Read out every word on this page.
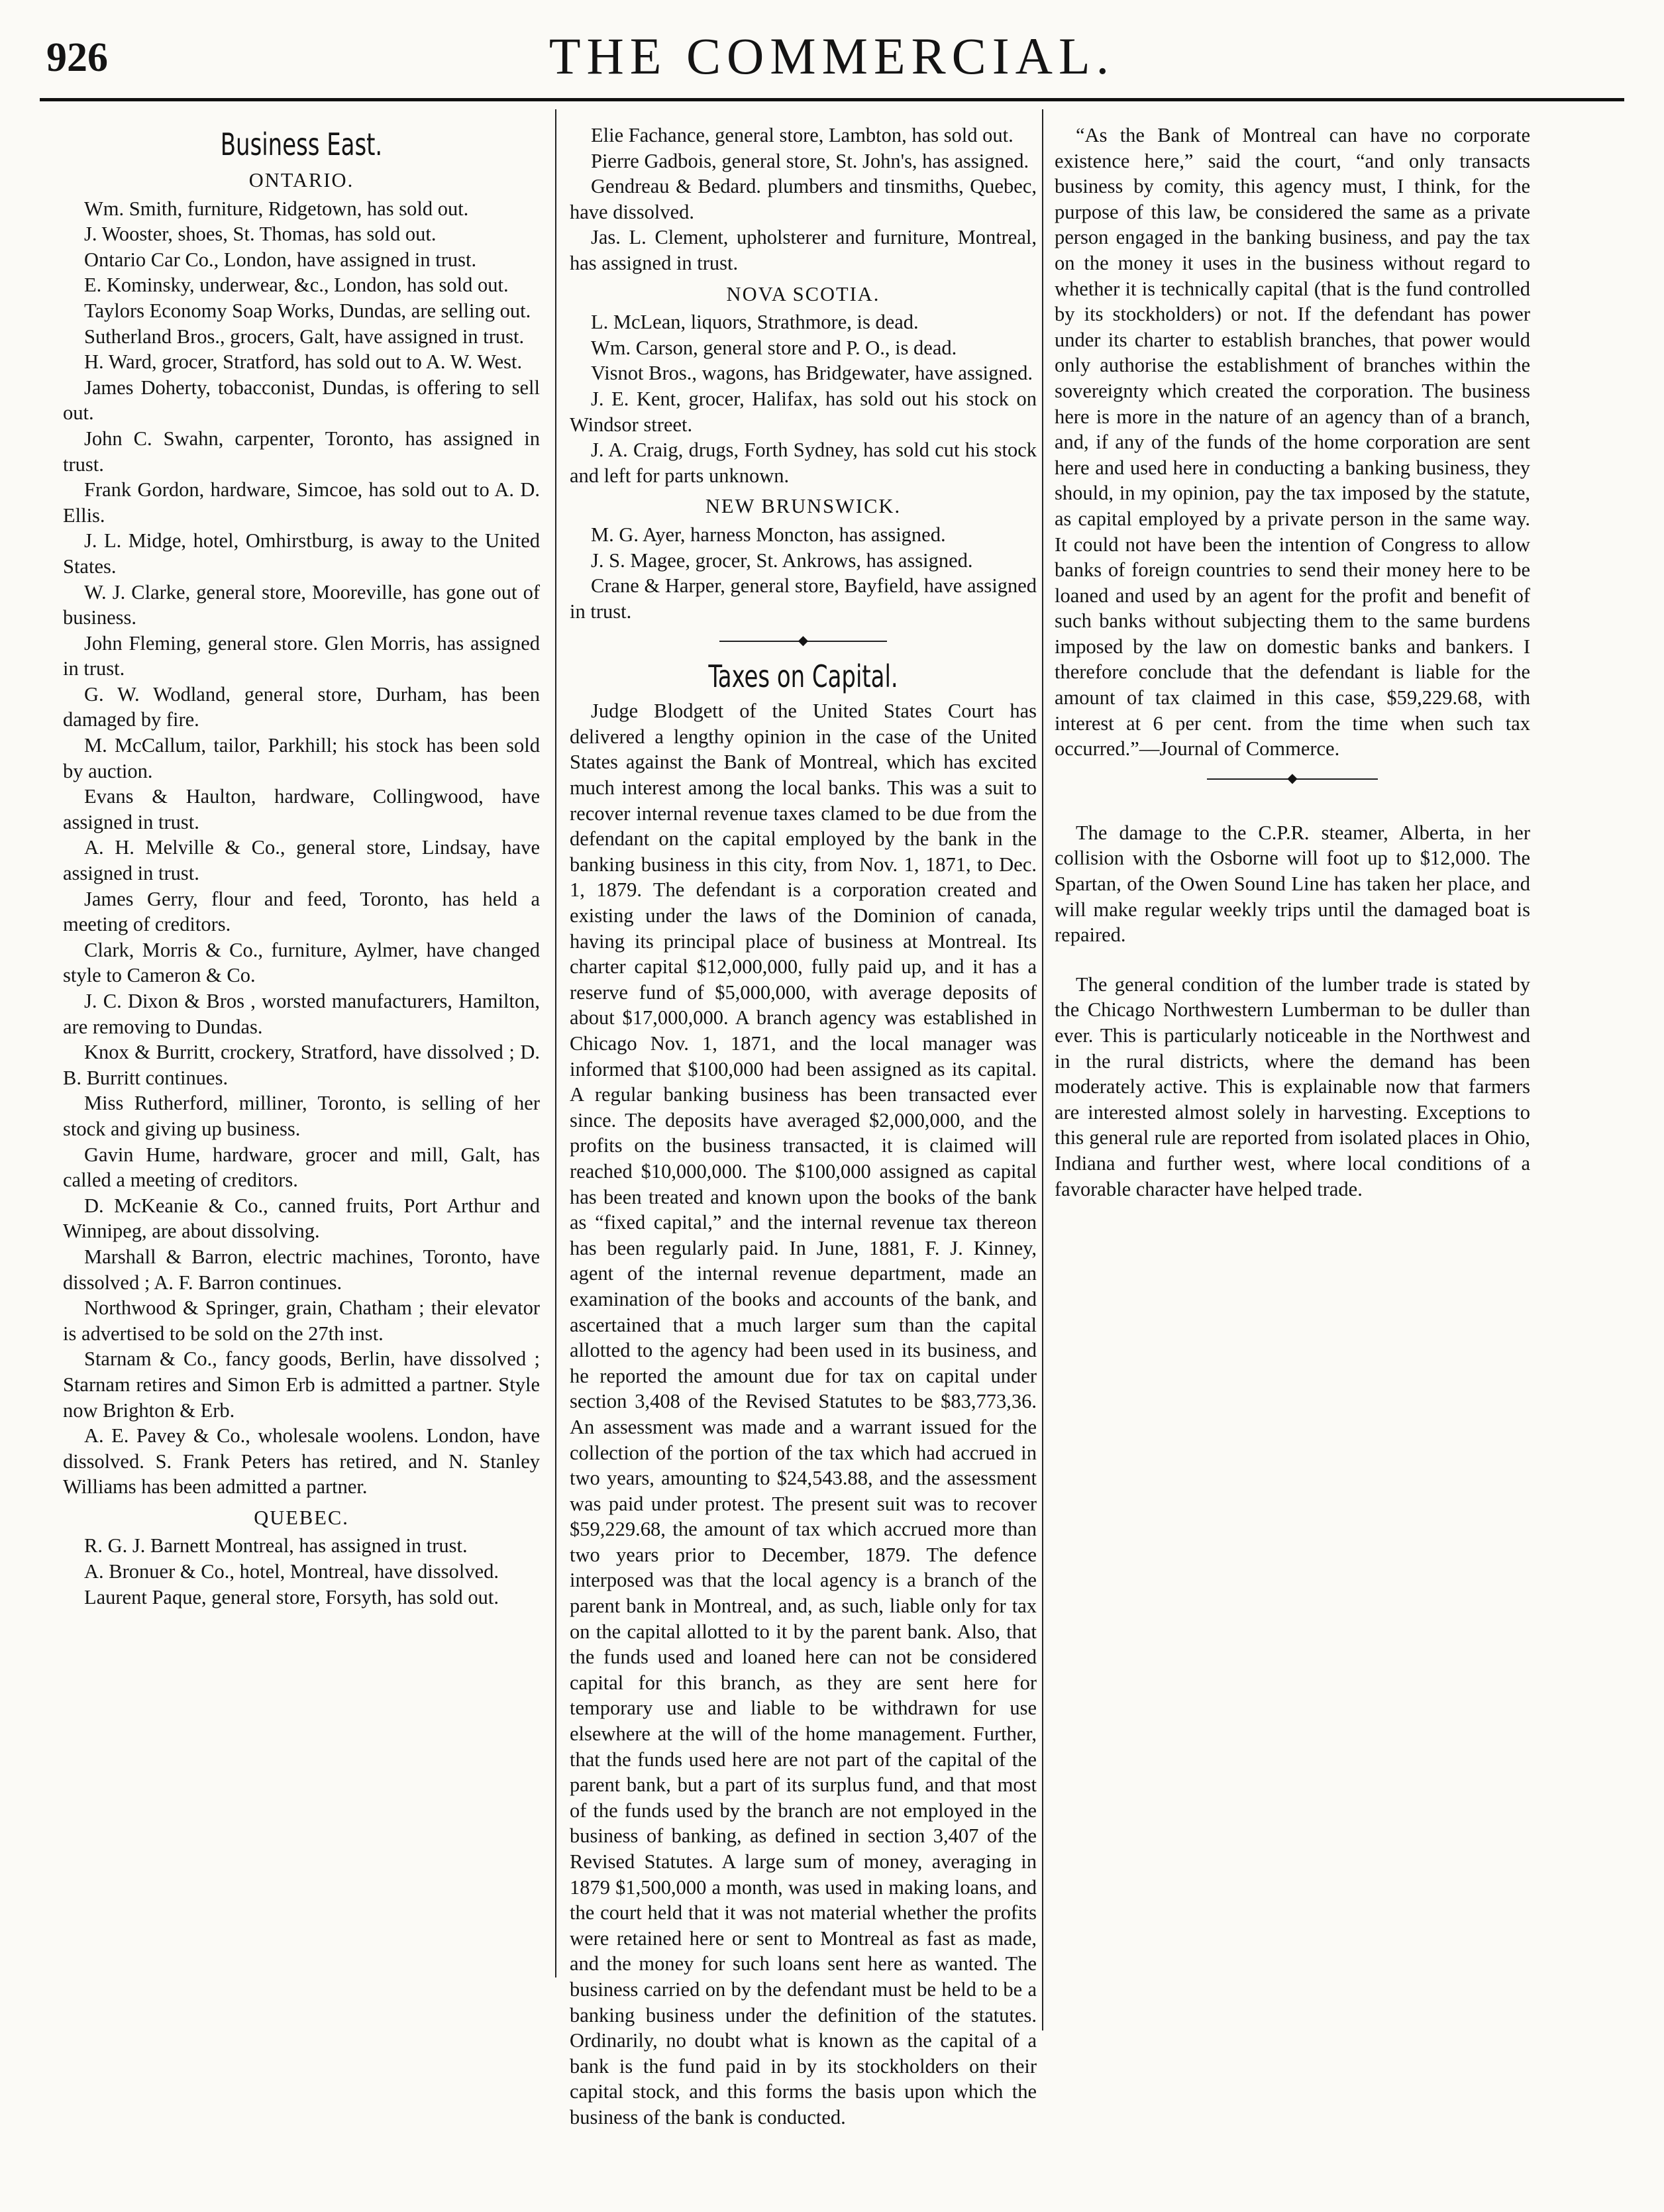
926	THE COMMERCIAL.
Business East.
ONTARIO.

Wm. Smith, furniture, Ridgetown, has sold out.

J. Wooster, shoes, St. Thomas, has sold out.

Ontario Car Co., London, have assigned in trust.

E. Kominsky, underwear, &c., London, has sold out.

Taylors Economy Soap Works, Dundas, are selling out.

Sutherland Bros., grocers, Galt, have assigned in trust.

H. Ward, grocer, Stratford, has sold out to A. W. West.

James Doherty, tobacconist, Dundas, is offering to sell out.

John C. Swahn, carpenter, Toronto, has assigned in trust.

Frank Gordon, hardware, Simcoe, has sold out to A. D. Ellis.

J. L. Midge, hotel, Omhirstburg, is away to the United States.

W. J. Clarke, general store, Mooreville, has gone out of business.

John Fleming, general store. Glen Morris, has assigned in trust.

G. W. Wodland, general store, Durham, has been damaged by fire.

M. McCallum, tailor, Parkhill; his stock has been sold by auction.

Evans & Haulton, hardware, Collingwood, have assigned in trust.

A. H. Melville & Co., general store, Lindsay, have assigned in trust.

James Gerry, flour and feed, Toronto, has held a meeting of creditors.

Clark, Morris & Co., furniture, Aylmer, have changed style to Cameron & Co.

J. C. Dixon & Bros , worsted manufacturers, Hamilton, are removing to Dundas.

Knox & Burritt, crockery, Stratford, have dissolved ; D. B. Burritt continues.

Miss Rutherford, milliner, Toronto, is selling of her stock and giving up business.

Gavin Hume, hardware, grocer and mill, Galt, has called a meeting of creditors.

D. McKeanie & Co., canned fruits, Port Arthur and Winnipeg, are about dissolving.

Marshall & Barron, electric machines, Toronto, have dissolved ; A. F. Barron continues.

Northwood & Springer, grain, Chatham ; their elevator is advertised to be sold on the 27th inst.

Starnam & Co., fancy goods, Berlin, have dissolved ; Starnam retires and Simon Erb is admitted a partner. Style now Brighton & Erb.

A. E. Pavey & Co., wholesale woolens. London, have dissolved. S. Frank Peters has retired, and N. Stanley Williams has been admitted a partner.

QUEBEC.

R. G. J. Barnett Montreal, has assigned in trust.

A. Bronuer & Co., hotel, Montreal, have dissolved.

Laurent Paque, general store, Forsyth, has sold out.

Elie Fachance, general store, Lambton, has sold out.

Pierre Gadbois, general store, St. John's, has assigned.

Gendreau & Bedard. plumbers and tinsmiths, Quebec, have dissolved.

Jas. L. Clement, upholsterer and furniture, Montreal, has assigned in trust.

NOVA SCOTIA.

L. McLean, liquors, Strathmore, is dead.

Wm. Carson, general store and P. O., is dead.

Visnot Bros., wagons, has Bridgewater, have assigned.

J. E. Kent, grocer, Halifax, has sold out his stock on Windsor street.

J. A. Craig, drugs, Forth Sydney, has sold cut his stock and left for parts unknown.

NEW BRUNSWICK.

M. G. Ayer, harness Moncton, has assigned.

J. S. Magee, grocer, St. Ankrows, has assigned.

Crane & Harper, general store, Bayfield, have assigned in trust.

◆
Taxes on Capital.

Judge Blodgett of the United States Court has delivered a lengthy opinion in the case of the United States against the Bank of Montreal, which has excited much interest among the local banks. This was a suit to recover internal revenue taxes clamed to be due from the defendant on the capital employed by the bank in the banking business in this city, from Nov. 1, 1871, to Dec. 1, 1879. The defendant is a corporation created and existing under the laws of the Dominion of canada, having its principal place of business at Montreal. Its charter capital $12,000,000, fully paid up, and it has a reserve fund of $5,000,000, with average deposits of about $17,000,000. A branch agency was established in Chicago Nov. 1, 1871, and the local manager was informed that $100,000 had been assigned as its capital. A regular banking business has been transacted ever since. The deposits have averaged $2,000,000, and the profits on the business transacted, it is claimed will reached $10,000,000. The $100,000 assigned as capital has been treated and known upon the books of the bank as “fixed capital,” and the internal revenue tax thereon has been regularly paid. In June, 1881, F. J. Kinney, agent of the internal revenue department, made an examination of the books and accounts of the bank, and ascertained that a much larger sum than the capital allotted to the agency had been used in its business, and he reported the amount due for tax on capital under section 3,408 of the Revised Statutes to be $83,773,36. An assessment was made and a warrant issued for the collection of the portion of the tax which had accrued in two years, amounting to $24,543.88, and the assessment was paid under protest. The present suit was to recover $59,229.68, the amount of tax which accrued more than two years prior to December, 1879. The defence interposed was that the local agency is a branch of the parent bank in Montreal, and, as such, liable only for tax on the capital allotted to it by the parent bank. Also, that the funds used and loaned here can not be considered capital for this branch, as they are sent here for temporary use and liable to be withdrawn for use elsewhere at the will of the home management. Further, that the funds used here are not part of the capital of the parent bank, but a part of its surplus fund, and that most of the funds used by the branch are not employed in the business of banking, as defined in section 3,407 of the Revised Statutes. A large sum of money, averaging in 1879 $1,500,000 a month, was used in making loans, and the court held that it was not material whether the profits were retained here or sent to Montreal as fast as made, and the money for such loans sent here as wanted. The business carried on by the defendant must be held to be a banking business under the definition of the statutes. Ordinarily, no doubt what is known as the capital of a bank is the fund paid in by its stockholders on their capital stock, and this forms the basis upon which the business of the bank is conducted.

“As the Bank of Montreal can have no corporate existence here,” said the court, “and only transacts business by comity, this agency must, I think, for the purpose of this law, be considered the same as a private person engaged in the banking business, and pay the tax on the money it uses in the business without regard to whether it is technically capital (that is the fund controlled by its stockholders) or not. If the defendant has power under its charter to establish branches, that power would only authorise the establishment of branches within the sovereignty which created the corporation. The business here is more in the nature of an agency than of a branch, and, if any of the funds of the home corporation are sent here and used here in conducting a banking business, they should, in my opinion, pay the tax imposed by the statute, as capital employed by a private person in the same way. It could not have been the intention of Congress to allow banks of foreign countries to send their money here to be loaned and used by an agent for the profit and benefit of such banks without subjecting them to the same burdens imposed by the law on domestic banks and bankers. I therefore conclude that the defendant is liable for the amount of tax claimed in this case, $59,229.68, with interest at 6 per cent. from the time when such tax occurred.”—Journal of Commerce.

◆

The damage to the C.P.R. steamer, Alberta, in her collision with the Osborne will foot up to $12,000. The Spartan, of the Owen Sound Line has taken her place, and will make regular weekly trips until the damaged boat is repaired.

The general condition of the lumber trade is stated by the Chicago Northwestern Lumberman to be duller than ever. This is particularly noticeable in the Northwest and in the rural districts, where the demand has been moderately active. This is explainable now that farmers are interested almost solely in harvesting. Exceptions to this general rule are reported from isolated places in Ohio, Indiana and further west, where local conditions of a favorable character have helped trade.
